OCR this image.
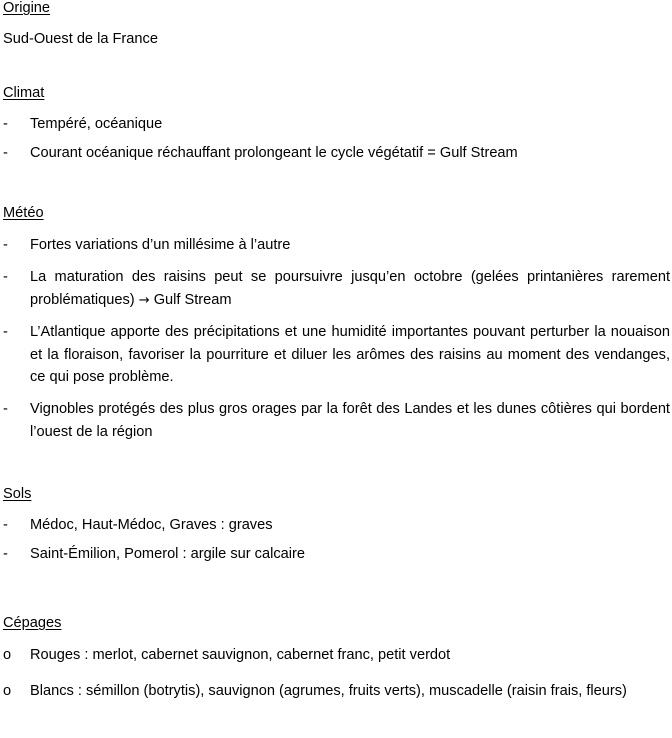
Origine
Sud-Ouest de la France
Climat
- Tempéré, océanique
- Courant océanique réchauffant prolongeant le cycle végétatif = Gulf Stream
Météo
- Fortes variations d’un millésime à l’autre
- La maturation des raisins peut se poursuivre jusqu’en octobre (gelées printanières rarement problématiques) → Gulf Stream
- L’Atlantique apporte des précipitations et une humidité importantes pouvant perturber la nouaison et la floraison, favoriser la pourriture et diluer les arômes des raisins au moment des vendanges, ce qui pose problème.
- Vignobles protégés des plus gros orages par la forêt des Landes et les dunes côtières qui bordent l’ouest de la région
Sols
- Médoc, Haut-Médoc, Graves : graves
- Saint-Émilion, Pomerol : argile sur calcaire
Cépages
o Rouges : merlot, cabernet sauvignon, cabernet franc, petit verdot
o Blancs : sémillon (botrytis), sauvignon (agrumes, fruits verts), muscadelle (raisin frais, fleurs)
